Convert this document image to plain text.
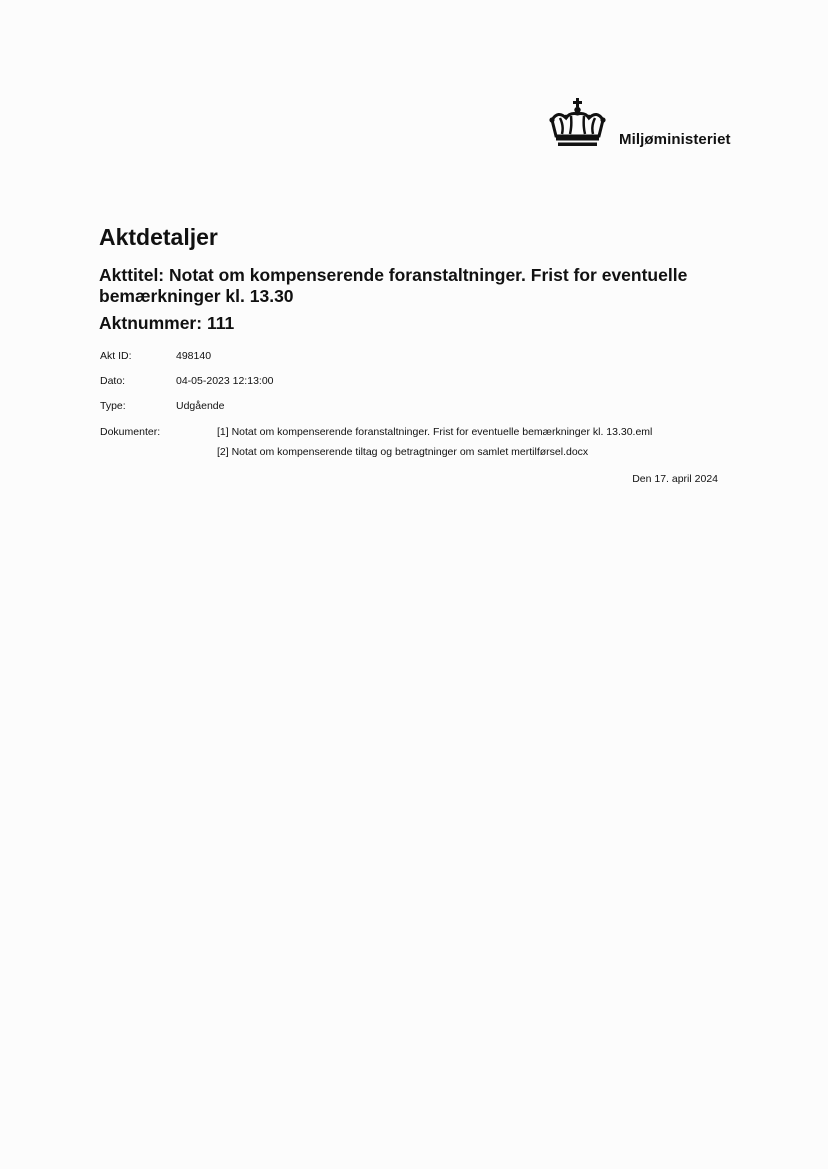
Miljøministeriet
Aktdetaljer
Akttitel: Notat om kompenserende foranstaltninger. Frist for eventuelle bemærkninger kl. 13.30
Aktnummer: 111
Akt ID:	498140
Dato:	04-05-2023 12:13:00
Type:	Udgående
Dokumenter:	[1] Notat om kompenserende foranstaltninger. Frist for eventuelle bemærkninger kl. 13.30.eml
[2] Notat om kompenserende tiltag og betragtninger om samlet mertilførsel.docx
Den 17. april 2024
